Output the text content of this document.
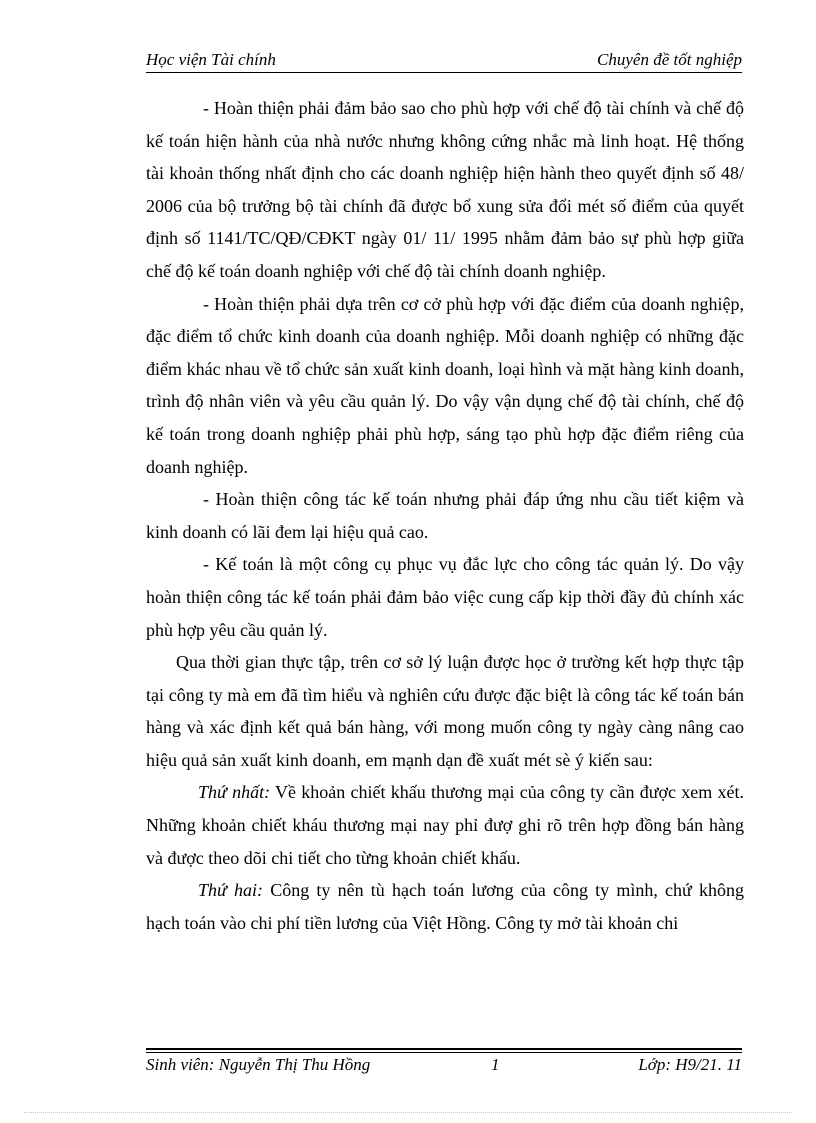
Học viện Tài chính	Chuyên đề tốt nghiệp

- Hoàn thiện phải đảm bảo sao cho phù hợp với chế độ tài chính và chế độ kế toán hiện hành của nhà nước nhưng không cứng nhắc mà linh hoạt. Hệ thống tài khoản thống nhất định cho các doanh nghiệp hiện hành theo quyết định số 48/ 2006 của bộ trưởng bộ tài chính đã được bổ xung sửa đổi mét số điểm của quyết định số 1141/TC/QĐ/CĐKT ngày 01/ 11/ 1995 nhằm đảm bảo sự phù hợp giữa chế độ kế toán doanh nghiệp với chế độ tài chính doanh nghiệp.

- Hoàn thiện phải dựa trên cơ cở phù hợp với đặc điểm của doanh nghiệp, đặc điểm tổ chức kinh doanh của doanh nghiệp. Mỗi doanh nghiệp có những đặc điểm khác nhau về tổ chức sản xuất kinh doanh, loại hình và mặt hàng kinh doanh, trình độ nhân viên và yêu cầu quản lý. Do vậy vận dụng chế độ tài chính, chế độ kế toán trong doanh nghiệp phải phù hợp, sáng tạo phù hợp đặc điểm riêng của doanh nghiệp.

- Hoàn thiện công tác kế toán nhưng phải đáp ứng nhu cầu tiết kiệm và kinh doanh có lãi đem lại hiệu quả cao.

- Kế toán là một công cụ phục vụ đắc lực cho công tác quản lý. Do vậy hoàn thiện công tác kế toán phải đảm bảo việc cung cấp kịp thời đầy đủ chính xác phù hợp yêu cầu quản lý.

Qua thời gian thực tập, trên cơ sở lý luận được học ở trường kết hợp thực tập tại công ty mà em đã tìm hiểu và nghiên cứu được đặc biệt là công tác kế toán bán hàng và xác định kết quả bán hàng, với mong muốn công ty ngày càng nâng cao hiệu quả sản xuất kinh doanh, em mạnh dạn đề xuất mét sè ý kiến sau:

Thứ nhất: Về khoản chiết khấu thương mại của công ty cần được xem xét. Những khoản chiết kháu thương mại nay phỉ đượ ghi rõ trên hợp đồng bán hàng và được theo dõi chi tiết cho từng khoản chiết khấu.

Thứ hai: Công ty nên tù hạch toán lương của công ty mình, chứ không hạch toán vào chi phí tiền lương của Việt Hồng. Công ty mở tài khoản chi

Sinh viên: Nguyễn Thị Thu Hồng	1	Lớp: H9/21. 11
